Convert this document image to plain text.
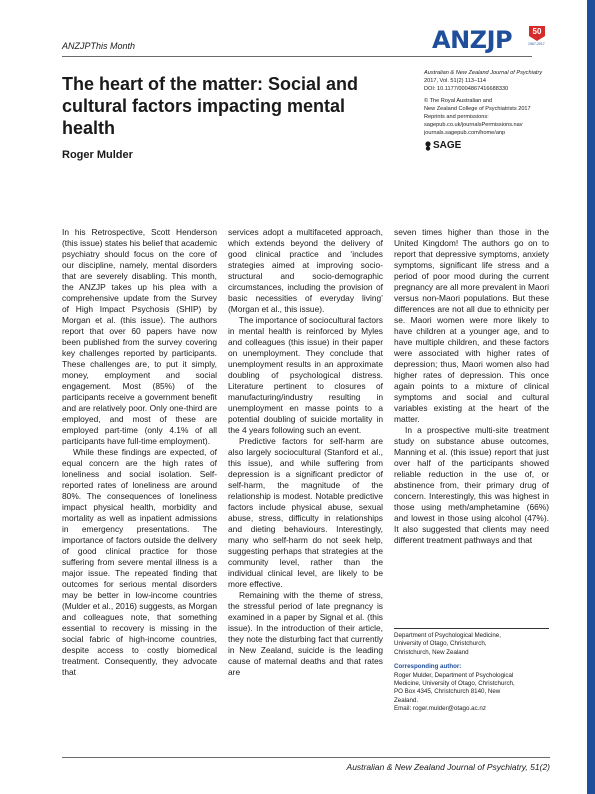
ANZJPThis Month	ANZJP	50
1967-2017
The heart of the matter: Social and
cultural factors impacting mental health
Roger Mulder
Australian & New Zealand Journal of Psychiatry
2017, Vol. 51(2) 113–114
DOI: 10.1177/0004867416688330
© The Royal Australian and
New Zealand College of Psychiatrists 2017
Reprints and permissions:
sagepub.co.uk/journalsPermissions.nav
journals.sagepub.com/home/anp
SAGE

In his Retrospective, Scott Henderson (this issue) states his belief that academic psychiatry should focus on the core of our discipline, namely, mental disorders that are severely disabling. This month, the ANZJP takes up his plea with a comprehensive update from the Survey of High Impact Psychosis (SHIP) by Morgan et al. (this issue). The authors report that over 60 papers have now been published from the survey covering key challenges reported by participants. These challenges are, to put it simply, money, employment and social engagement. Most (85%) of the participants receive a government benefit and are relatively poor. Only one-third are employed, and most of these are employed part-time (only 4.1% of all participants have full-time employment).

While these findings are expected, of equal concern are the high rates of loneliness and social isolation. Self-reported rates of loneliness are around 80%. The consequences of loneliness impact physical health, morbidity and mortality as well as inpatient admissions in emergency presentations. The importance of factors outside the delivery of good clinical practice for those suffering from severe mental illness is a major issue. The repeated finding that outcomes for serious mental disorders may be better in low-income countries (Mulder et al., 2016) suggests, as Morgan and colleagues note, that something essential to recovery is missing in the social fabric of high-income countries, despite access to costly biomedical treatment. Consequently, they advocate that

services adopt a multifaceted approach, which extends beyond the delivery of good clinical practice and ‘includes strategies aimed at improving socio-structural and socio-demographic circumstances, including the provision of basic necessities of everyday living’ (Morgan et al., this issue).

The importance of sociocultural factors in mental health is reinforced by Myles and colleagues (this issue) in their paper on unemployment. They conclude that unemployment results in an approximate doubling of psychological distress. Literature pertinent to closures of manufacturing/industry resulting in unemployment en masse points to a potential doubling of suicide mortality in the 4 years following such an event.

Predictive factors for self-harm are also largely sociocultural (Stanford et al., this issue), and while suffering from depression is a significant predictor of self-harm, the magnitude of the relationship is modest. Notable predictive factors include physical abuse, sexual abuse, stress, difficulty in relationships and dieting behaviours. Interestingly, many who self-harm do not seek help, suggesting perhaps that strategies at the community level, rather than the individual clinical level, are likely to be more effective.

Remaining with the theme of stress, the stressful period of late pregnancy is examined in a paper by Signal et al. (this issue). In the introduction of their article, they note the disturbing fact that currently in New Zealand, suicide is the leading cause of maternal deaths and that rates are

seven times higher than those in the United Kingdom! The authors go on to report that depressive symptoms, anxiety symptoms, significant life stress and a period of poor mood during the current pregnancy are all more prevalent in Maori versus non-Maori populations. But these differences are not all due to ethnicity per se. Maori women were more likely to have children at a younger age, and to have multiple children, and these factors were associated with higher rates of depression; thus, Maori women also had higher rates of depression. This once again points to a mixture of clinical symptoms and social and cultural variables existing at the heart of the matter.

In a prospective multi-site treatment study on substance abuse outcomes, Manning et al. (this issue) report that just over half of the participants showed reliable reduction in the use of, or abstinence from, their primary drug of concern. Interestingly, this was highest in those using meth/amphetamine (66%) and lowest in those using alcohol (47%). It also suggested that clients may need different treatment pathways and that

Department of Psychological Medicine,
University of Otago, Christchurch,
Christchurch, New Zealand
Corresponding author:
Roger Mulder, Department of Psychological
Medicine, University of Otago, Christchurch,
PO Box 4345, Christchurch 8140, New
Zealand.
Email: roger.mulder@otago.ac.nz
Australian & New Zealand Journal of Psychiatry, 51(2)
